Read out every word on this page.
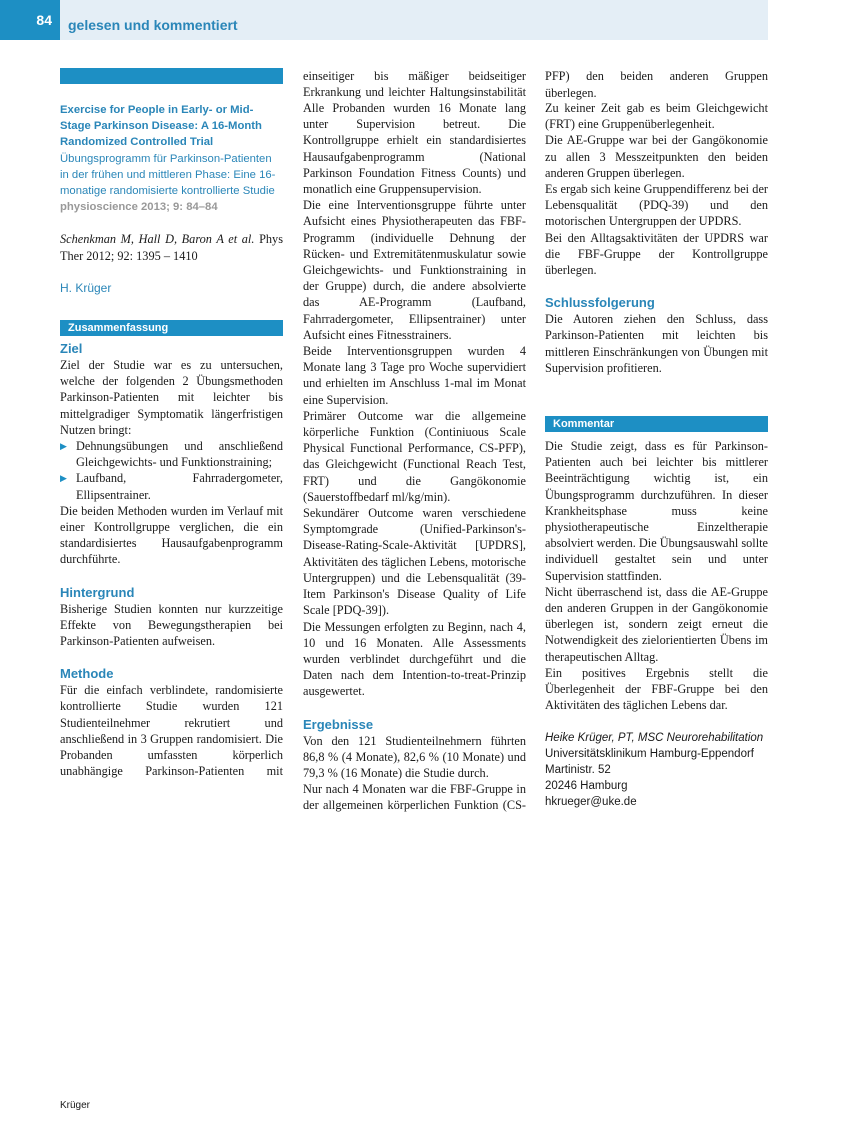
84	gelesen und kommentiert
Exercise for People in Early- or Mid-Stage Parkinson Disease: A 16-Month Randomized Controlled Trial
Übungsprogramm für Parkinson-Patienten in der frühen und mittleren Phase: Eine 16-monatige randomisierte kontrollierte Studie
physioscience 2013; 9: 84–84

Schenkman M, Hall D, Baron A et al. Phys Ther 2012; 92: 1395 – 1410

H. Krüger
Zusammenfassung
Ziel

Ziel der Studie war es zu untersuchen, welche der folgenden 2 Übungsmethoden Parkinson-Patienten mit leichter bis mittelgradiger Symptomatik längerfristigen Nutzen bringt:

▶ Dehnungsübungen und anschließend Gleichgewichts- und Funktionstraining;
▶ Laufband, Fahrradergometer, Ellipsentrainer.

Die beiden Methoden wurden im Verlauf mit einer Kontrollgruppe verglichen, die ein standardisiertes Hausaufgabenprogramm durchführte.

Hintergrund

Bisherige Studien konnten nur kurzzeitige Effekte von Bewegungstherapien bei Parkinson-Patienten aufweisen.

Methode

Für die einfach verblindete, randomisierte kontrollierte Studie wurden 121 Studienteilnehmer rekrutiert und anschließend in 3 Gruppen randomisiert. Die Probanden umfassten körperlich unabhängige Parkinson-Patienten mit

einseitiger bis mäßiger beidseitiger Erkrankung und leichter Haltungsinstabilität

Alle Probanden wurden 16 Monate lang unter Supervision betreut. Die Kontrollgruppe erhielt ein standardisiertes Hausaufgabenprogramm (National Parkinson Foundation Fitness Counts) und monatlich eine Gruppensupervision.

Die eine Interventionsgruppe führte unter Aufsicht eines Physiotherapeuten das FBF-Programm (individuelle Dehnung der Rücken- und Extremitätenmuskulatur sowie Gleichgewichts- und Funktionstraining in der Gruppe) durch, die andere absolvierte das AE-Programm (Laufband, Fahrradergometer, Ellipsentrainer) unter Aufsicht eines Fitnesstrainers.

Beide Interventionsgruppen wurden 4 Monate lang 3 Tage pro Woche supervidiert und erhielten im Anschluss 1-mal im Monat eine Supervision.

Primärer Outcome war die allgemeine körperliche Funktion (Continiuous Scale Physical Functional Performance, CS-PFP), das Gleichgewicht (Functional Reach Test, FRT) und die Gangökonomie (Sauerstoffbedarf ml/kg/min).

Sekundärer Outcome waren verschiedene Symptomgrade (Unified-Parkinson's-Disease-Rating-Scale-Aktivität [UPDRS], Aktivitäten des täglichen Lebens, motorische Untergruppen) und die Lebensqualität (39-Item Parkinson's Disease Quality of Life Scale [PDQ-39]).

Die Messungen erfolgten zu Beginn, nach 4, 10 und 16 Monaten. Alle Assessments wurden verblindet durchgeführt und die Daten nach dem Intention-to-treat-Prinzip ausgewertet.

Ergebnisse

Von den 121 Studienteilnehmern führten 86,8 % (4 Monate), 82,6 % (10 Monate) und 79,3 % (16 Monate) die Studie durch.

Nur nach 4 Monaten war die FBF-Gruppe in der allgemeinen körperlichen Funktion (CS-

PFP) den beiden anderen Gruppen überlegen.

Zu keiner Zeit gab es beim Gleichgewicht (FRT) eine Gruppenüberlegenheit.

Die AE-Gruppe war bei der Gangökonomie zu allen 3 Messzeitpunkten den beiden anderen Gruppen überlegen.

Es ergab sich keine Gruppendifferenz bei der Lebensqualität (PDQ-39) und den motorischen Untergruppen der UPDRS.

Bei den Alltagsaktivitäten der UPDRS war die FBF-Gruppe der Kontrollgruppe überlegen.

Schlussfolgerung

Die Autoren ziehen den Schluss, dass Parkinson-Patienten mit leichten bis mittleren Einschränkungen von Übungen mit Supervision profitieren.

Kommentar

Die Studie zeigt, dass es für Parkinson-Patienten auch bei leichter bis mittlerer Beeinträchtigung wichtig ist, ein Übungsprogramm durchzuführen. In dieser Krankheitsphase muss keine physiotherapeutische Einzeltherapie absolviert werden. Die Übungsauswahl sollte individuell gestaltet sein und unter Supervision stattfinden.

Nicht überraschend ist, dass die AE-Gruppe den anderen Gruppen in der Gangökonomie überlegen ist, sondern zeigt erneut die Notwendigkeit des zielorientierten Übens im therapeutischen Alltag.

Ein positives Ergebnis stellt die Überlegenheit der FBF-Gruppe bei den Aktivitäten des täglichen Lebens dar.

Heike Krüger, PT, MSC Neurorehabilitation
Universitätsklinikum Hamburg-Eppendorf
Martinistr. 52
20246 Hamburg
hkrueger@uke.de
Krüger
